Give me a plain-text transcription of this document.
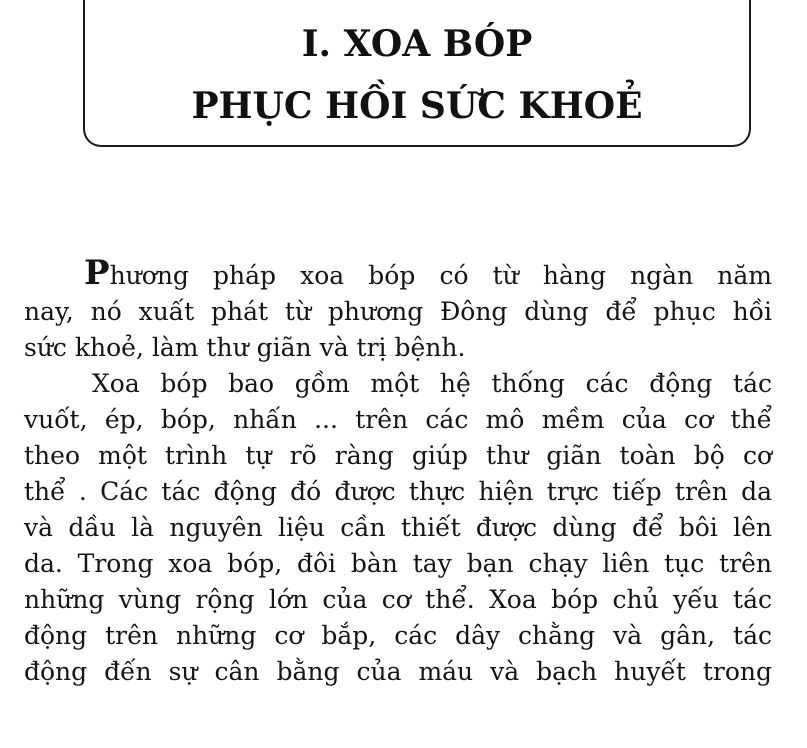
I. XOA BÓP
PHỤC HỒI SỨC KHOẺ
Phương pháp xoa bóp có từ hàng ngàn năm
nay, nó xuất phát từ phương Đông dùng để phục hồi
sức khoẻ, làm thư giãn và trị bệnh.
Xoa bóp bao gồm một hệ thống các động tác
vuốt, ép, bóp, nhấn ... trên các mô mềm của cơ thể
theo một trình tự rõ ràng giúp thư giãn toàn bộ cơ
thể . Các tác động đó được thực hiện trực tiếp trên da
và dầu là nguyên liệu cần thiết được dùng để bôi lên
da. Trong xoa bóp, đôi bàn tay bạn chạy liên tục trên
những vùng rộng lớn của cơ thể. Xoa bóp chủ yếu tác
động trên những cơ bắp, các dây chằng và gân, tác
động đến sự cân bằng của máu và bạch huyết trong
